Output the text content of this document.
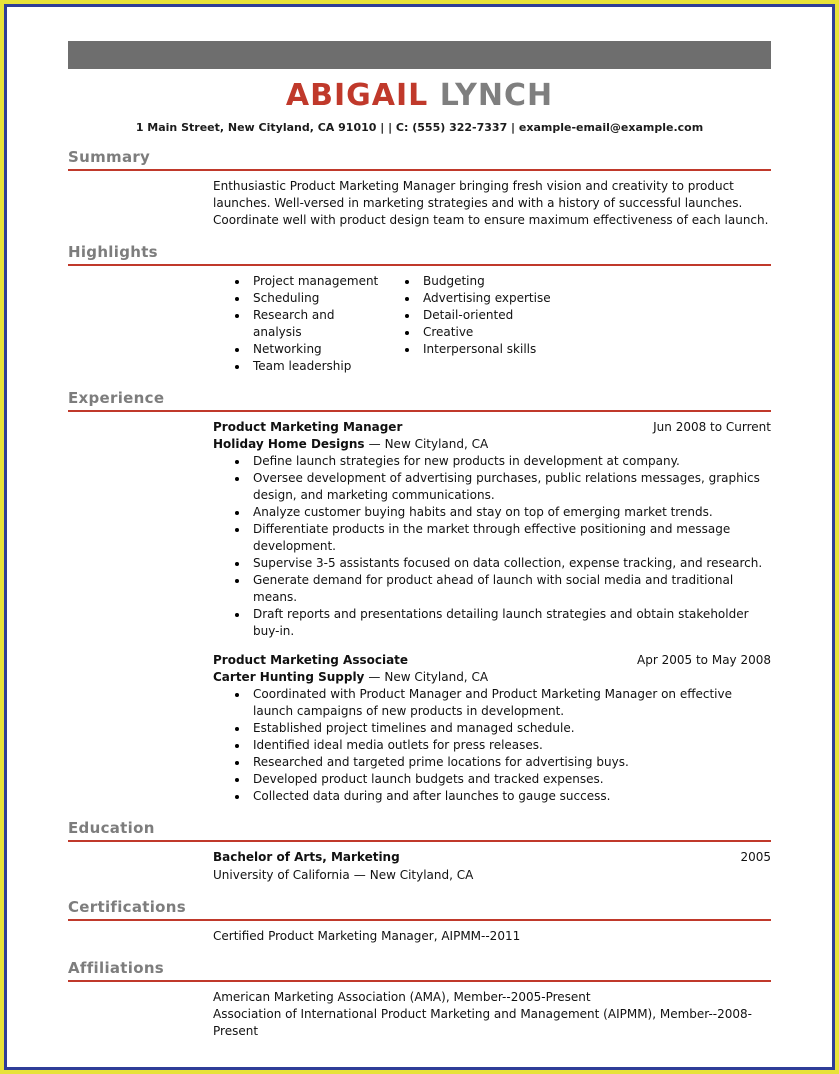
ABIGAIL LYNCH
1 Main Street, New Cityland, CA 91010 | | C: (555) 322-7337 | example-email@example.com
Summary

Enthusiastic Product Marketing Manager bringing fresh vision and creativity to product launches. Well-versed in marketing strategies and with a history of successful launches. Coordinate well with product design team to ensure maximum effectiveness of each launch.

Highlights
Project management
Scheduling
Research and analysis
Networking
Team leadership
Budgeting
Advertising expertise
Detail-oriented
Creative
Interpersonal skills
Experience
Product Marketing Manager	Jun 2008 to Current
Holiday Home Designs — New Cityland, CA
Define launch strategies for new products in development at company.
Oversee development of advertising purchases, public relations messages, graphics design, and marketing communications.
Analyze customer buying habits and stay on top of emerging market trends.
Differentiate products in the market through effective positioning and message development.
Supervise 3-5 assistants focused on data collection, expense tracking, and research.
Generate demand for product ahead of launch with social media and traditional means.
Draft reports and presentations detailing launch strategies and obtain stakeholder buy-in.
Product Marketing Associate	Apr 2005 to May 2008
Carter Hunting Supply — New Cityland, CA
Coordinated with Product Manager and Product Marketing Manager on effective launch campaigns of new products in development.
Established project timelines and managed schedule.
Identified ideal media outlets for press releases.
Researched and targeted prime locations for advertising buys.
Developed product launch budgets and tracked expenses.
Collected data during and after launches to gauge success.
Education
Bachelor of Arts, Marketing	2005
University of California — New Cityland, CA
Certifications

Certified Product Marketing Manager, AIPMM--2011

Affiliations

American Marketing Association (AMA), Member--2005-Present

Association of International Product Marketing and Management (AIPMM), Member--2008-Present
